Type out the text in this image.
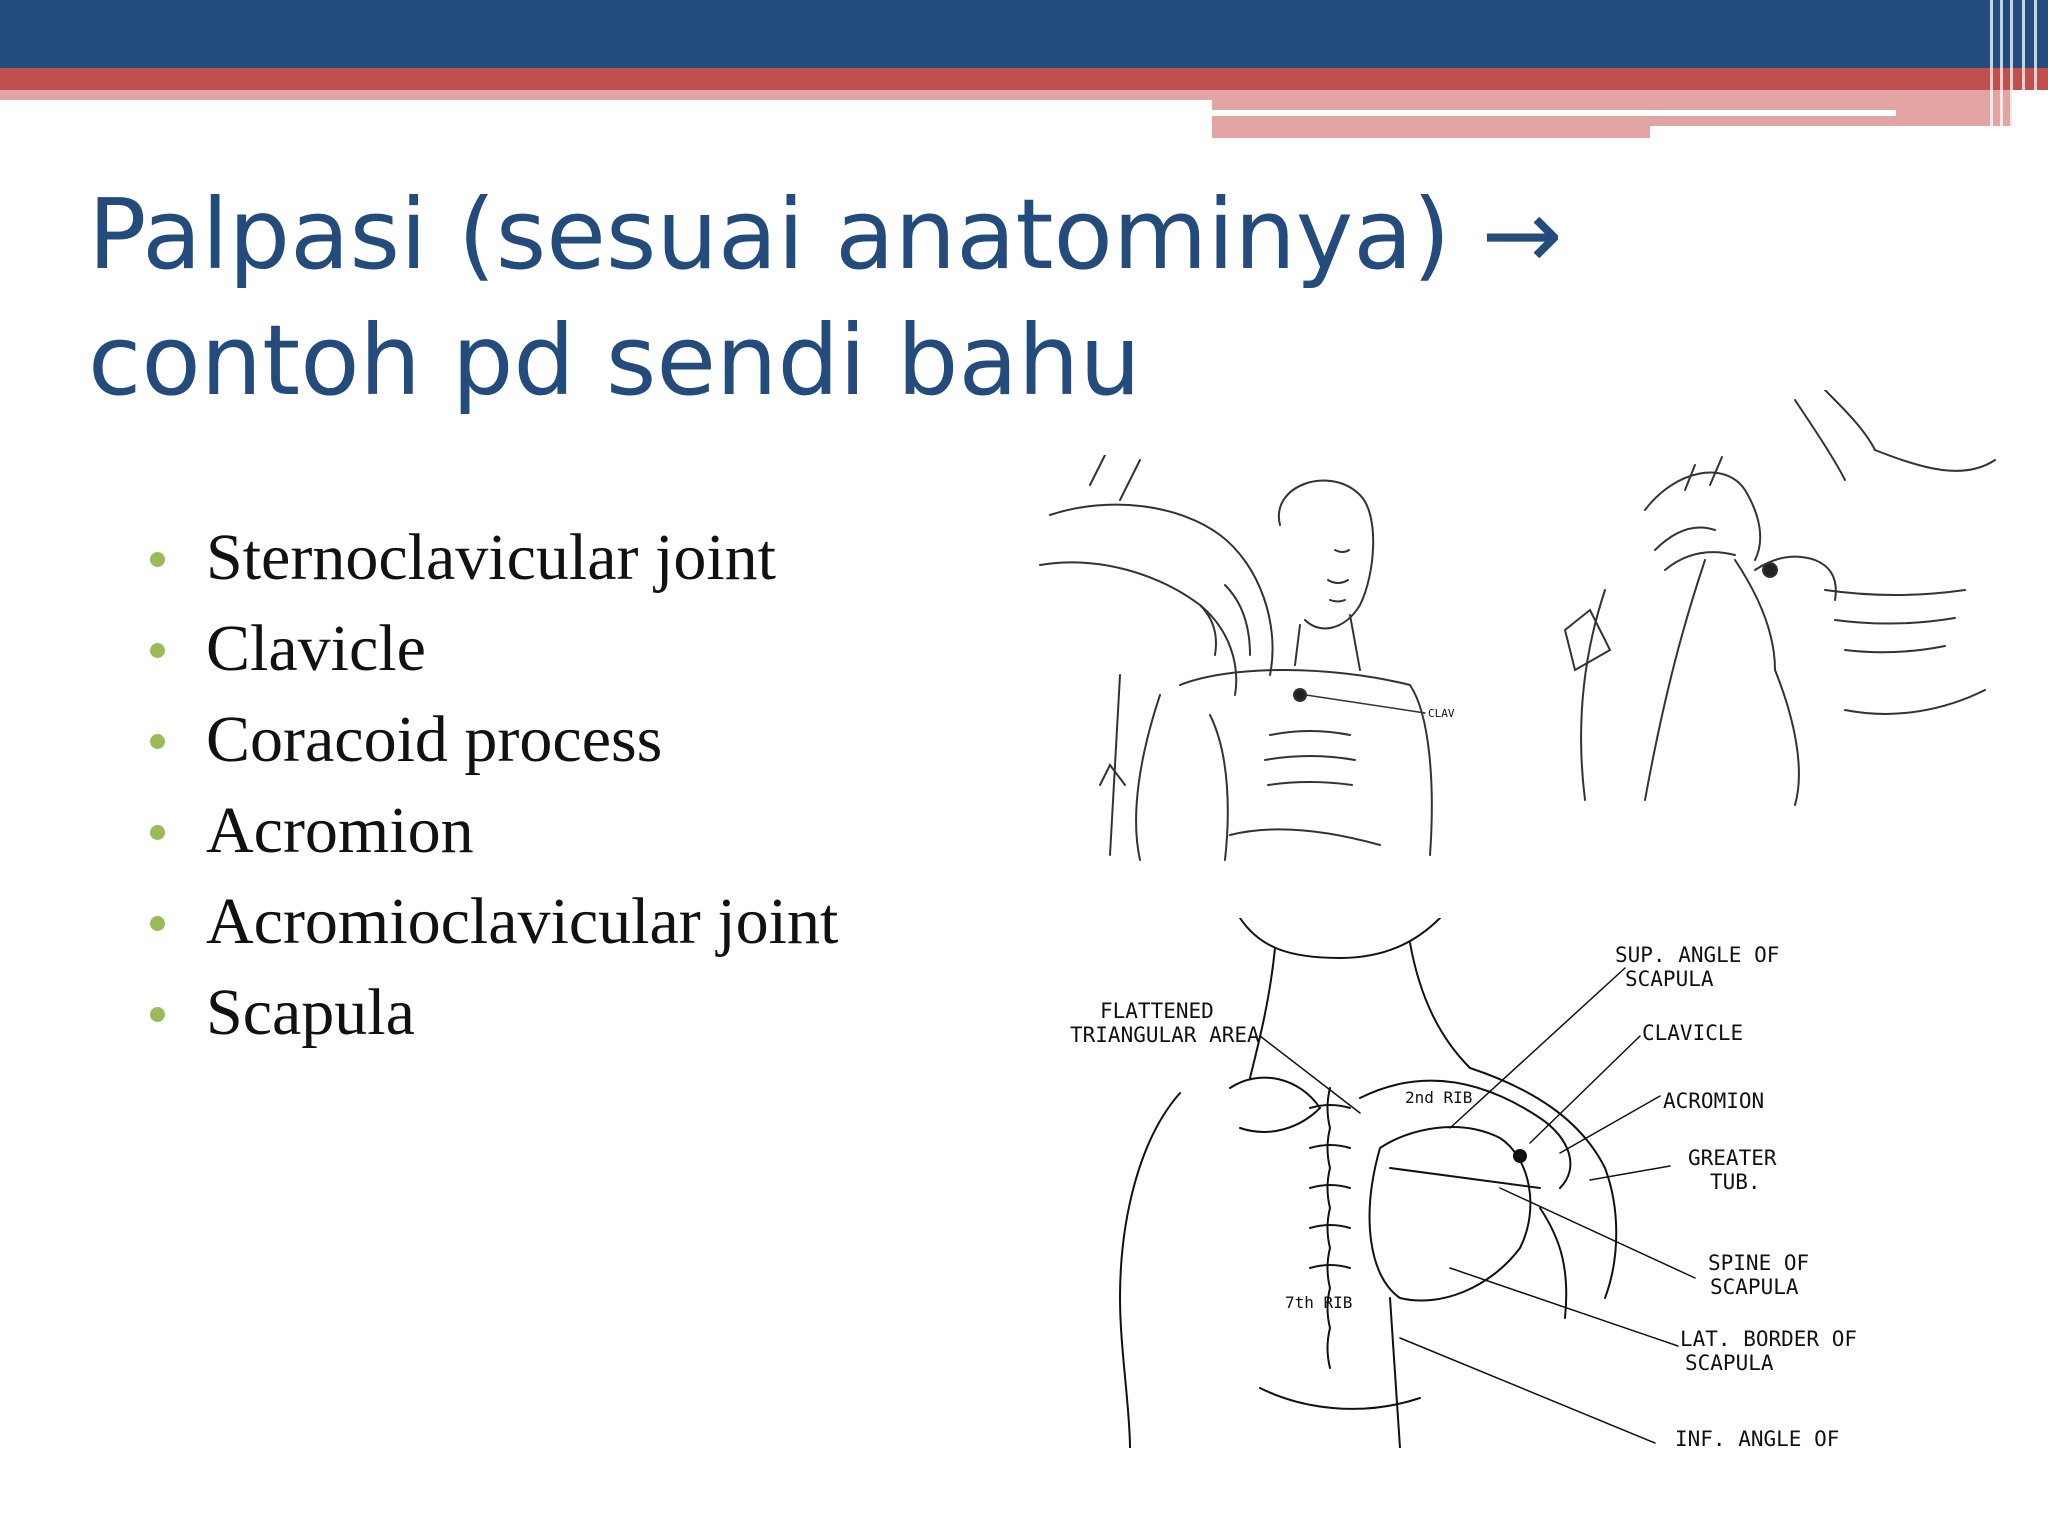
Palpasi (sesuai anatominya) →
contoh pd sendi bahu
Sternoclavicular joint
Clavicle
Coracoid process
Acromion
Acromioclavicular joint
Scapula
CLAV
FLATTENED
TRIANGULAR AREA
SUP. ANGLE OF
SCAPULA
CLAVICLE
ACROMION
GREATER
TUB.
SPINE OF
SCAPULA
LAT. BORDER OF
SCAPULA
INF. ANGLE OF
2nd RIB
7th RIB
